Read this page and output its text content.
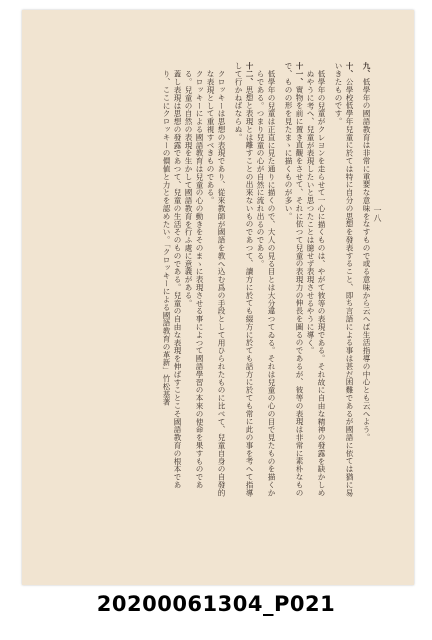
九、低學年の國語教育は非常に重要な意味をなすもので或る意味から云へば生活指導の中心とも云へよう。

十、公學校低學年兒童に於ては特に自分の思想を發表すること、即ち言語による事は甚だ困難であるが國語に依ては猶に易いきたものです。

低學年の兒童がクレヨンを走らせて一心に描くものは、やがて彼等の表現である。それ故に自由な精神の發露を缺かしめぬやうに考へ、兒童が表現したいと思つたことは臆せず表現させるやうに導く。

十一、實物を前に置き直觀をさせて、それに依つて兒童の表現力の伸長を圖るのであるが、彼等の表現は非常に素朴なもので、ものの形を見たまゝに描くものが多い。

低學年の兒童は正直に見た通りに描くので、大人の見る目とは大分違つてゐる。それは兒童の心の目で見たものを描くからである。つまり兒童の心が自然に流れ出るのである。

十二、思想と表現とは離すことの出來ないものであつて、讀方に於ても綴方に於ても話方に於ても常に此の事を考へて指導して行かねばならぬ。

クロッキーは思想の表現であり、從來教師が國語を教へ込む爲の手段として用ひられたものに比べて、兒童自身の自發的な表現として重視すべきものである。

クロッキーによる國語教育は兒童の心の動きをそのまゝに表現させる事によつて國語學習の本來の使命を果すものである。兒童の自然の表現を生かして國語教育を行ふ處に意義がある。

蓋し表現は思想の發露であつて、兒童の生活そのものである。兒童の自由な表現を伸ばすことこそ國語教育の根本であり、ここにクロッキーの價値と力とを認めたい。「クロッキーによる國語教育の革新」竹松基著

一八
20200061304_P021
